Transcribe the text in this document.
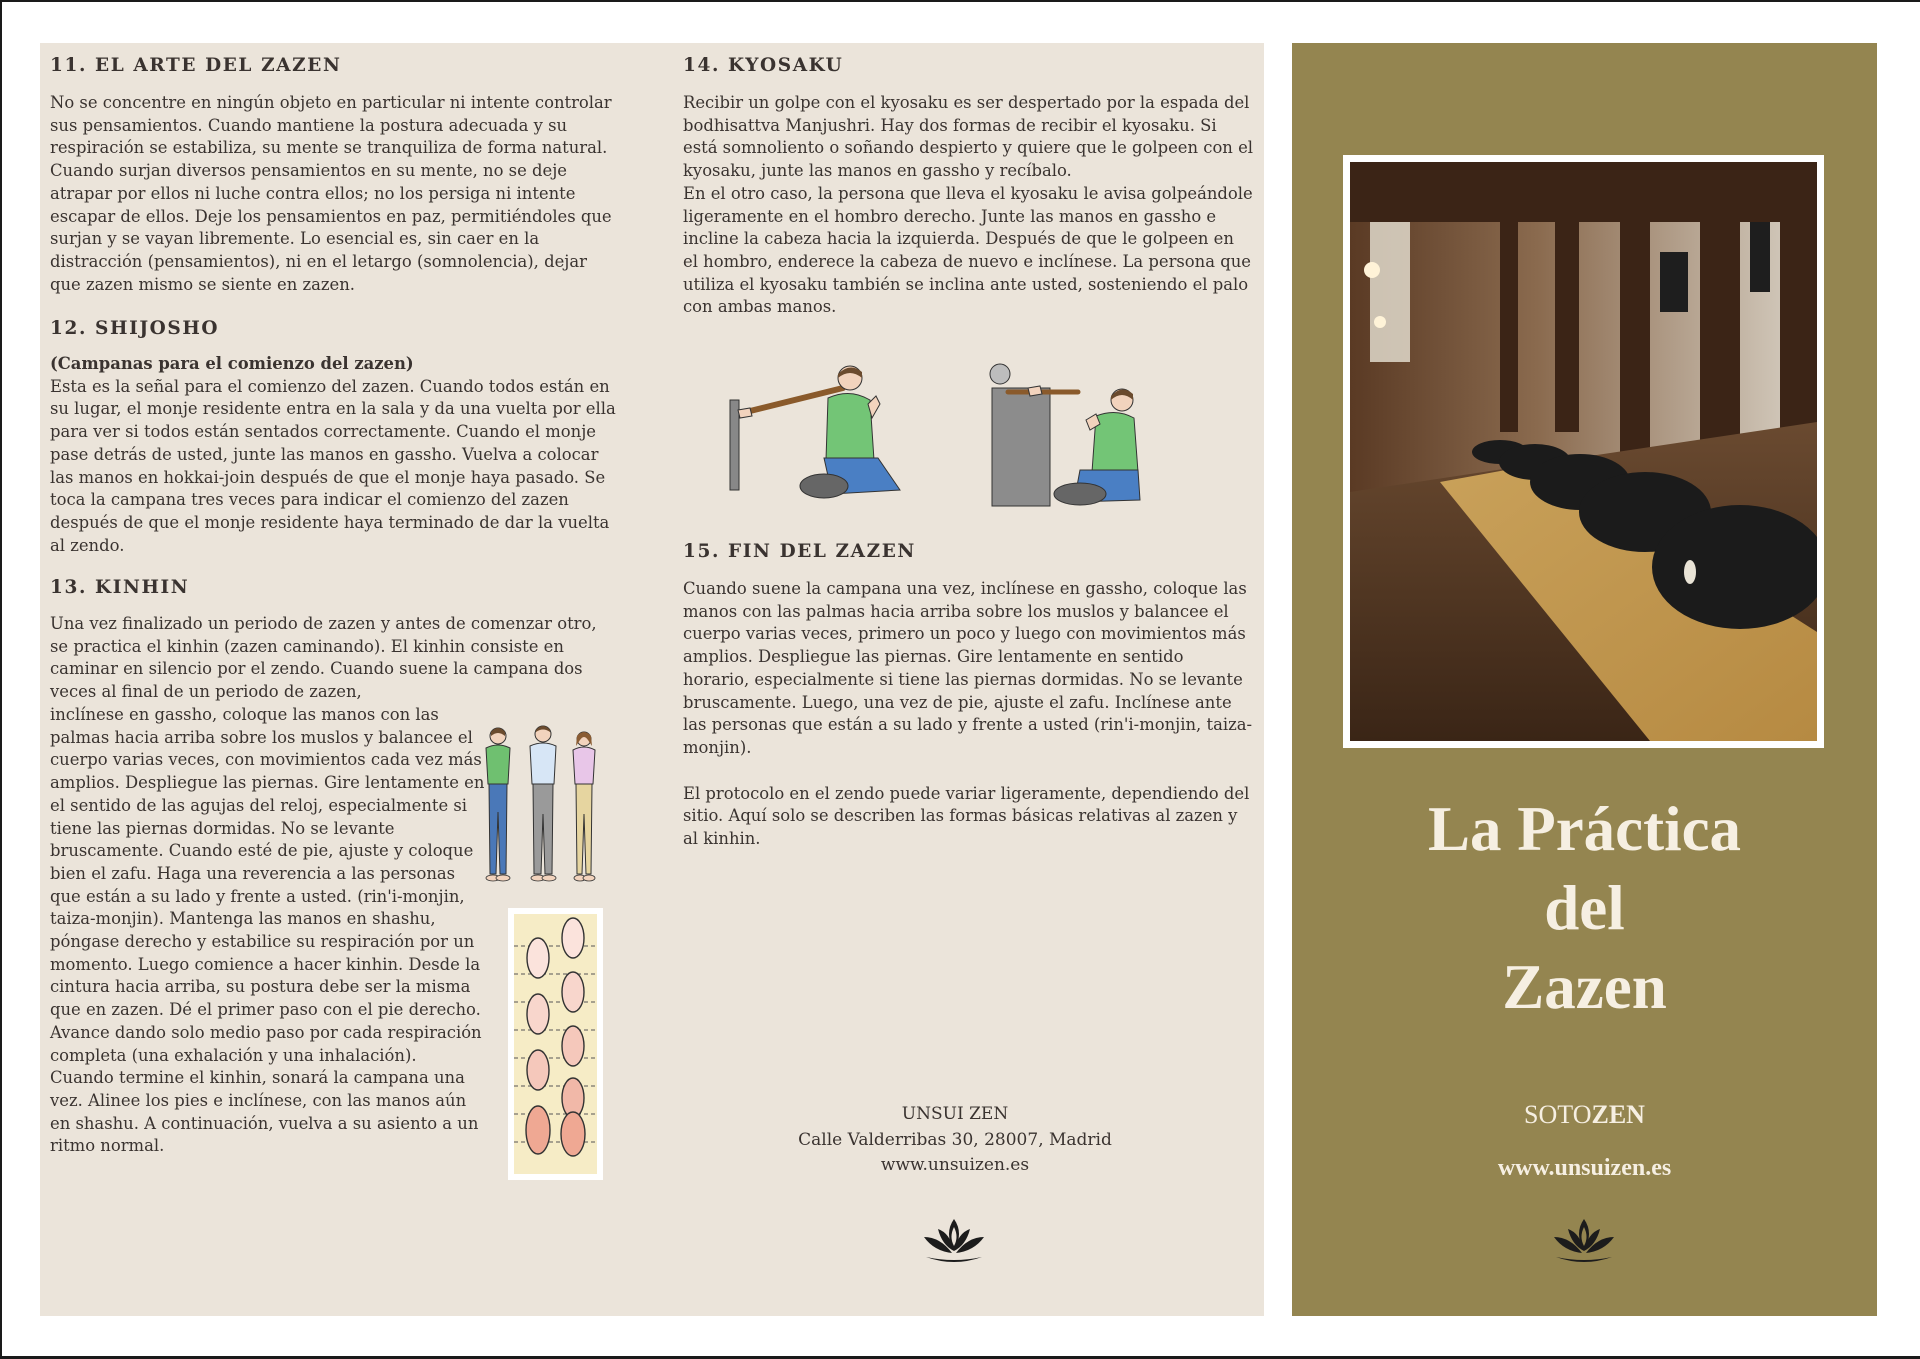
11. EL ARTE DEL ZAZEN

No se concentre en ningún objeto en particular ni intente controlar sus pensamientos. Cuando mantiene la postura adecuada y su respiración se estabiliza, su mente se tranquiliza de forma natural. Cuando surjan diversos pensamientos en su mente, no se deje atrapar por ellos ni luche contra ellos; no los persiga ni intente escapar de ellos. Deje los pensamientos en paz, permitiéndoles que surjan y se vayan libremente. Lo esencial es, sin caer en la distracción (pensamientos), ni en el letargo (somnolencia), dejar que zazen mismo se siente en zazen.

12. SHIJOSHO
(Campanas para el comienzo del zazen)

Esta es la señal para el comienzo del zazen. Cuando todos están en su lugar, el monje residente entra en la sala y da una vuelta por ella para ver si todos están sentados correctamente. Cuando el monje pase detrás de usted, junte las manos en gassho. Vuelva a colocar las manos en hokkai-join después de que el monje haya pasado. Se toca la campana tres veces para indicar el comienzo del zazen después de que el monje residente haya terminado de dar la vuelta al zendo.

13. KINHIN

Una vez finalizado un periodo de zazen y antes de comenzar otro, se practica el kinhin (zazen caminando). El kinhin consiste en caminar en silencio por el zendo. Cuando suene la campana dos veces al final de un periodo de zazen,

inclínese en gassho, coloque las manos con las palmas hacia arriba sobre los muslos y balancee el cuerpo varias veces, con movimientos cada vez más amplios. Despliegue las piernas. Gire lentamente en el sentido de las agujas del reloj, especialmente si tiene las piernas dormidas. No se levante bruscamente. Cuando esté de pie, ajuste y coloque bien el zafu. Haga una reverencia a las personas que están a su lado y frente a usted. (rin'i-monjin, taiza-monjin). Mantenga las manos en shashu, póngase derecho y estabilice su respiración por un momento. Luego comience a hacer kinhin. Desde la cintura hacia arriba, su postura debe ser la misma que en zazen. Dé el primer paso con el pie derecho. Avance dando solo medio paso por cada respiración completa (una exhalación y una inhalación). Cuando termine el kinhin, sonará la campana una vez. Alinee los pies e inclínese, con las manos aún en shashu. A continuación, vuelva a su asiento a un ritmo normal.

14. KYOSAKU

Recibir un golpe con el kyosaku es ser despertado por la espada del bodhisattva Manjushri. Hay dos formas de recibir el kyosaku. Si está somnoliento o soñando despierto y quiere que le golpeen con el kyosaku, junte las manos en gassho y recíbalo.

En el otro caso, la persona que lleva el kyosaku le avisa golpeándole ligeramente en el hombro derecho. Junte las manos en gassho e incline la cabeza hacia la izquierda. Después de que le golpeen en el hombro, enderece la cabeza de nuevo e inclínese. La persona que utiliza el kyosaku también se inclina ante usted, sosteniendo el palo con ambas manos.

15. FIN DEL ZAZEN

Cuando suene la campana una vez, inclínese en gassho, coloque las manos con las palmas hacia arriba sobre los muslos y balancee el cuerpo varias veces, primero un poco y luego con movimientos más amplios. Despliegue las piernas. Gire lentamente en sentido horario, especialmente si tiene las piernas dormidas. No se levante bruscamente. Luego, una vez de pie, ajuste el zafu. Inclínese ante las personas que están a su lado y frente a usted (rin'i-monjin, taiza-monjin).

El protocolo en el zendo puede variar ligeramente, dependiendo del sitio. Aquí solo se describen las formas básicas relativas al zazen y al kinhin.

UNSUI ZEN
Calle Valderribas 30, 28007, Madrid
www.unsuizen.es
La Práctica
del
Zazen
SOTOZEN
www.unsuizen.es
